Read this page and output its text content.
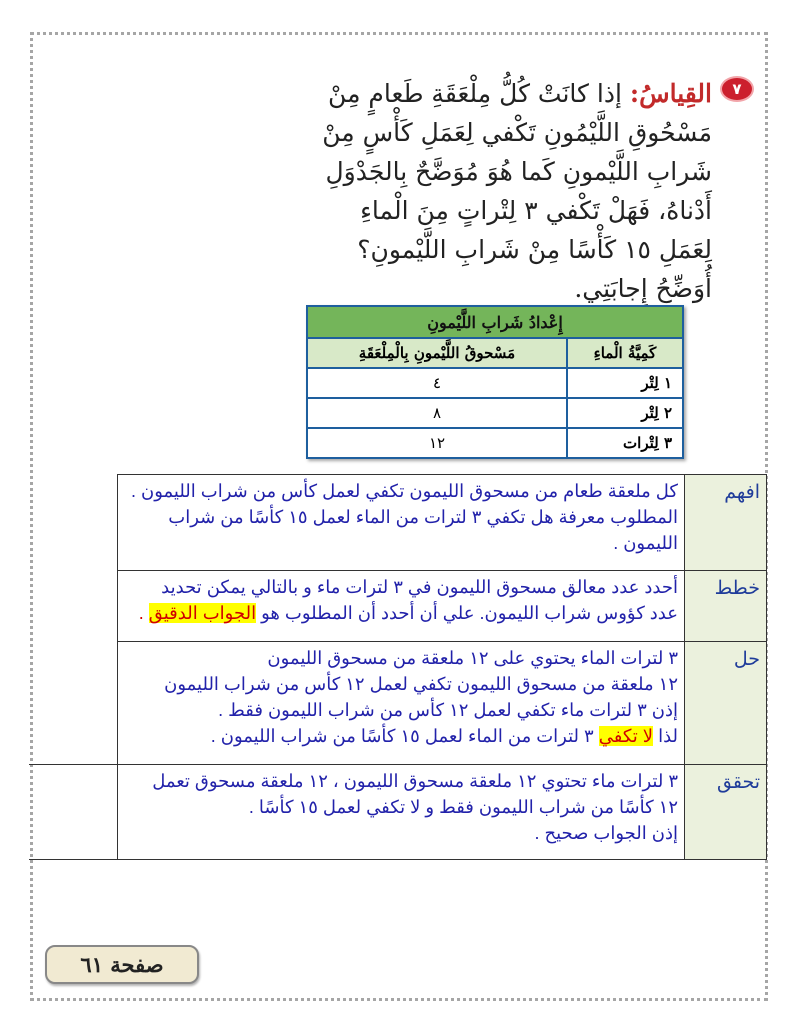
٧
القِياسُ: إذا كانَتْ كُلُّ مِلْعَقَةِ طَعامٍ مِنْ
مَسْحُوقِ اللَّيْمُونِ تَكْفي لِعَمَلِ كَأْسٍ مِنْ
شَرابِ اللَّيْمونِ كَما هُوَ مُوَضَّحٌ بِالجَدْوَلِ
أَدْناهُ، فَهَلْ تَكْفي ٣ لِتْراتٍ مِنَ الْماءِ
لِعَمَلِ ١٥ كَأْسًا مِنْ شَرابِ اللَّيْمونِ؟
أُوَضِّحُ إِجابَتِي.
إِعْدادُ شَرابِ اللَّيْمونِ	
كَمِيَّةُ الْماءِ	مَسْحوقُ اللَّيْمونِ بِالْمِلْعَقَةِ
١ لِتْر	٤
٢ لِتْر	٨
٣ لِتْرات	١٢
افهم	كل ملعقة طعام من مسحوق الليمون تكفي لعمل كأس من شراب الليمون .
المطلوب معرفة هل تكفي ٣ لترات من الماء لعمل ١٥ كأسًا من شراب
الليمون .	

خطط	أحدد عدد معالق مسحوق الليمون في ٣ لترات ماء و بالتالي يمكن تحديد
عدد كؤوس شراب الليمون. علي أن أحدد أن المطلوب هو الجواب الدقيق .	

حل	٣ لترات الماء يحتوي على ١٢ ملعقة من مسحوق الليمون
١٢ ملعقة من مسحوق الليمون تكفي لعمل ١٢ كأس من شراب الليمون
إذن ٣ لترات ماء تكفي لعمل ١٢ كأس من شراب الليمون فقط .
لذا لا تكفي ٣ لترات من الماء لعمل ١٥ كأسًا من شراب الليمون .	

تحقق	٣ لترات ماء تحتوي ١٢ ملعقة مسحوق الليمون ، ١٢ ملعقة مسحوق تعمل
١٢ كأسًا من شراب الليمون فقط و لا تكفي لعمل ١٥ كأسًا .
إذن الجواب صحيح .	

صفحة ٦١
